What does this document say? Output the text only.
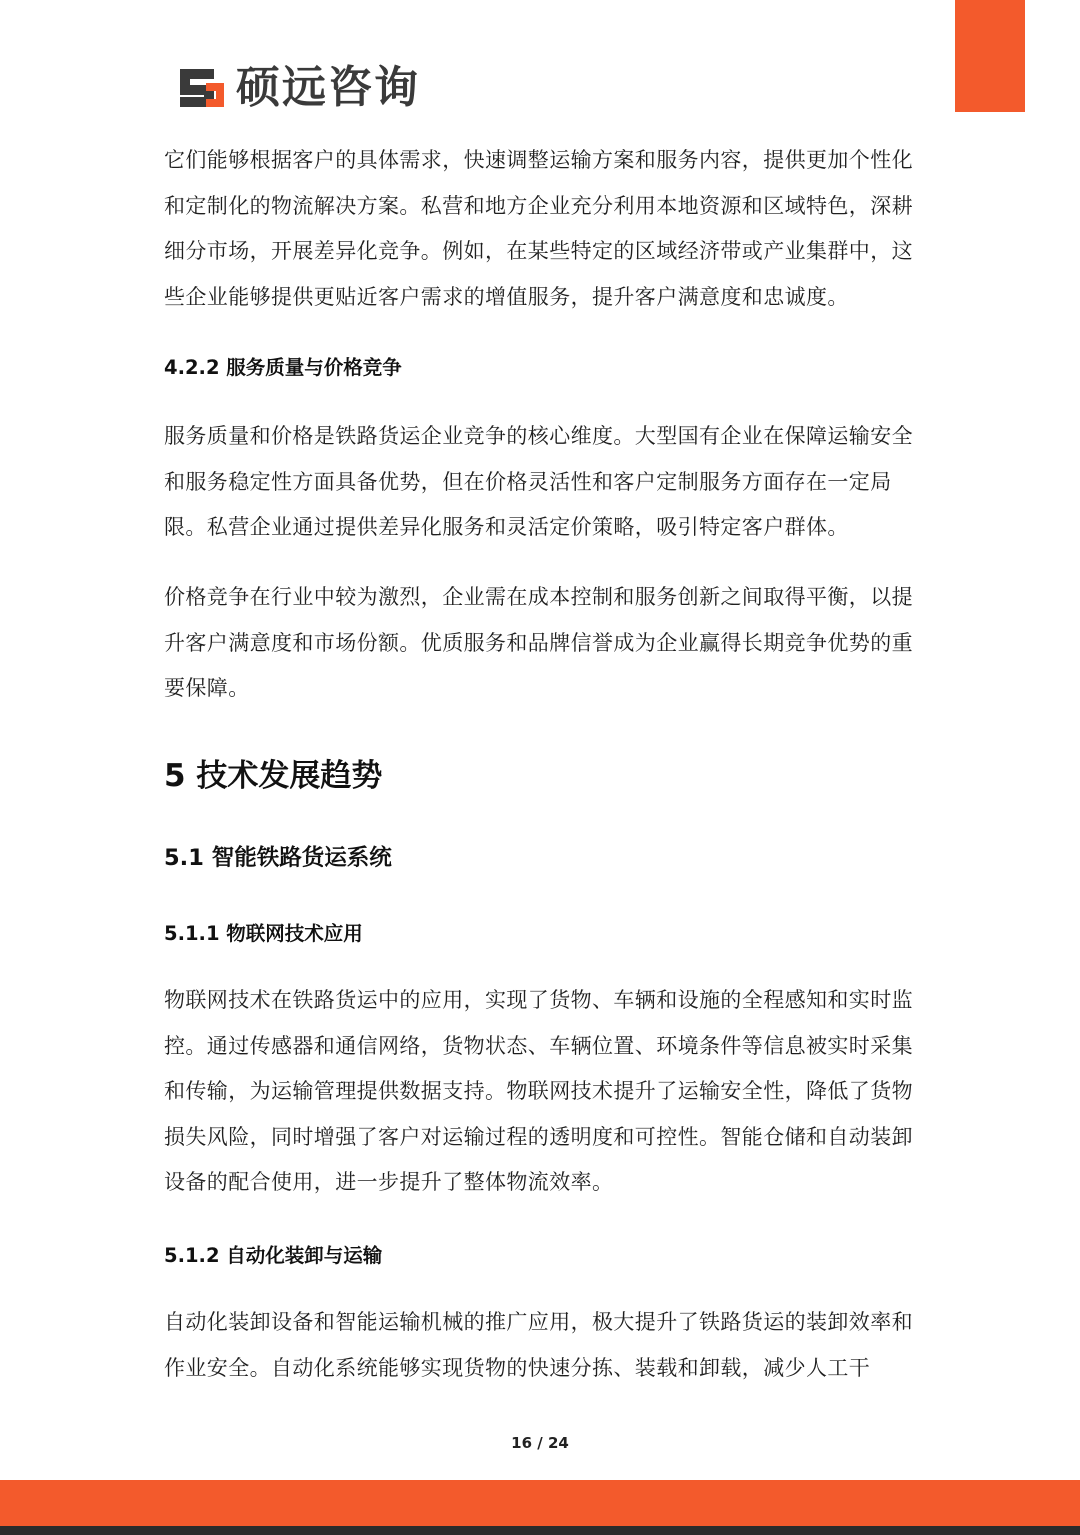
硕远咨询

它们能够根据客户的具体需求，快速调整运输方案和服务内容，提供更加个性化和定制化的物流解决方案。私营和地方企业充分利用本地资源和区域特色，深耕细分市场，开展差异化竞争。例如，在某些特定的区域经济带或产业集群中，这些企业能够提供更贴近客户需求的增值服务，提升客户满意度和忠诚度。

4.2.2 服务质量与价格竞争

服务质量和价格是铁路货运企业竞争的核心维度。大型国有企业在保障运输安全和服务稳定性方面具备优势，但在价格灵活性和客户定制服务方面存在一定局限。私营企业通过提供差异化服务和灵活定价策略，吸引特定客户群体。

价格竞争在行业中较为激烈，企业需在成本控制和服务创新之间取得平衡，以提升客户满意度和市场份额。优质服务和品牌信誉成为企业赢得长期竞争优势的重要保障。

5 技术发展趋势
5.1 智能铁路货运系统
5.1.1 物联网技术应用

物联网技术在铁路货运中的应用，实现了货物、车辆和设施的全程感知和实时监控。通过传感器和通信网络，货物状态、车辆位置、环境条件等信息被实时采集和传输，为运输管理提供数据支持。物联网技术提升了运输安全性，降低了货物损失风险，同时增强了客户对运输过程的透明度和可控性。智能仓储和自动装卸设备的配合使用，进一步提升了整体物流效率。

5.1.2 自动化装卸与运输

自动化装卸设备和智能运输机械的推广应用，极大提升了铁路货运的装卸效率和作业安全。自动化系统能够实现货物的快速分拣、装载和卸载，减少人工干

16 / 24
